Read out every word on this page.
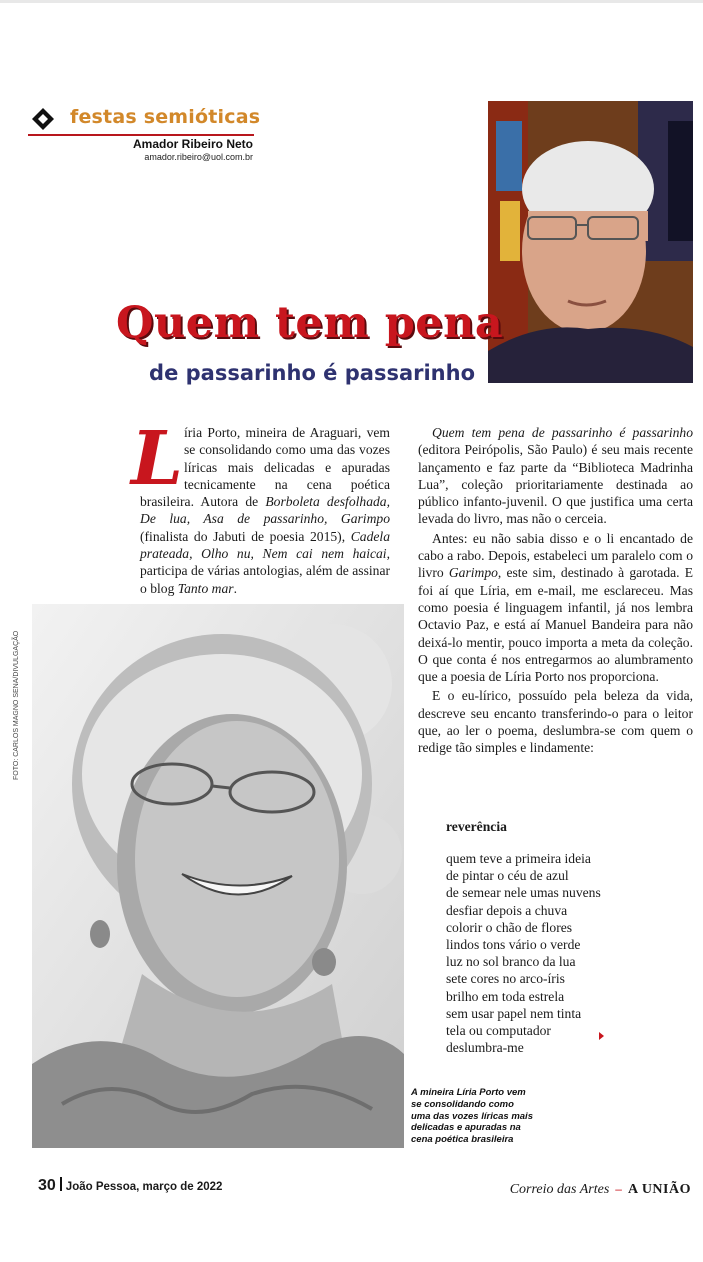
festas semióticas
Amador Ribeiro Neto
amador.ribeiro@uol.com.br
Quem tem pena
de passarinho é passarinho
L íria Porto, mineira de Araguari, vem se consolidando como uma das vozes líricas mais delicadas e apuradas tecnicamente na cena poética brasileira. Autora de Borboleta desfolhada, De lua, Asa de passarinho, Garimpo (finalista do Jabuti de poesia 2015), Cadela prateada, Olho nu, Nem cai nem haicai, participa de várias antologias, além de assinar o blog Tanto mar.

Quem tem pena de passarinho é passarinho (editora Peirópolis, São Paulo) é seu mais recente lançamento e faz parte da “Biblioteca Madrinha Lua”, coleção prioritariamente destinada ao público infanto-juvenil. O que justifica uma certa levada do livro, mas não o cerceia.

Antes: eu não sabia disso e o li encantado de cabo a rabo. Depois, estabeleci um paralelo com o livro Garimpo, este sim, destinado à garotada. E foi aí que Líria, em e-mail, me esclareceu. Mas como poesia é linguagem infantil, já nos lembra Octavio Paz, e está aí Manuel Bandeira para não deixá-lo mentir, pouco importa a meta da coleção. O que conta é nos entregarmos ao alumbramento que a poesia de Líria Porto nos proporciona.

E o eu-lírico, possuído pela beleza da vida, descreve seu encanto transferindo-o para o leitor que, ao ler o poema, deslumbra-se com quem o redige tão simples e lindamente:

reverência
quem teve a primeira ideia
de pintar o céu de azul
de semear nele umas nuvens
desfiar depois a chuva
colorir o chão de flores
lindos tons vário o verde
luz no sol branco da lua
sete cores no arco-íris
brilho em toda estrela
sem usar papel nem tinta
tela ou computador
deslumbra-me
FOTO: CARLOS MAGNO SENA/DIVULGAÇÃO
A mineira Líria Porto vem se consolidando como uma das vozes líricas mais delicadas e apuradas na cena poética brasileira
30 João Pessoa, março de 2022	Correio das Artes – A UNIÃO
